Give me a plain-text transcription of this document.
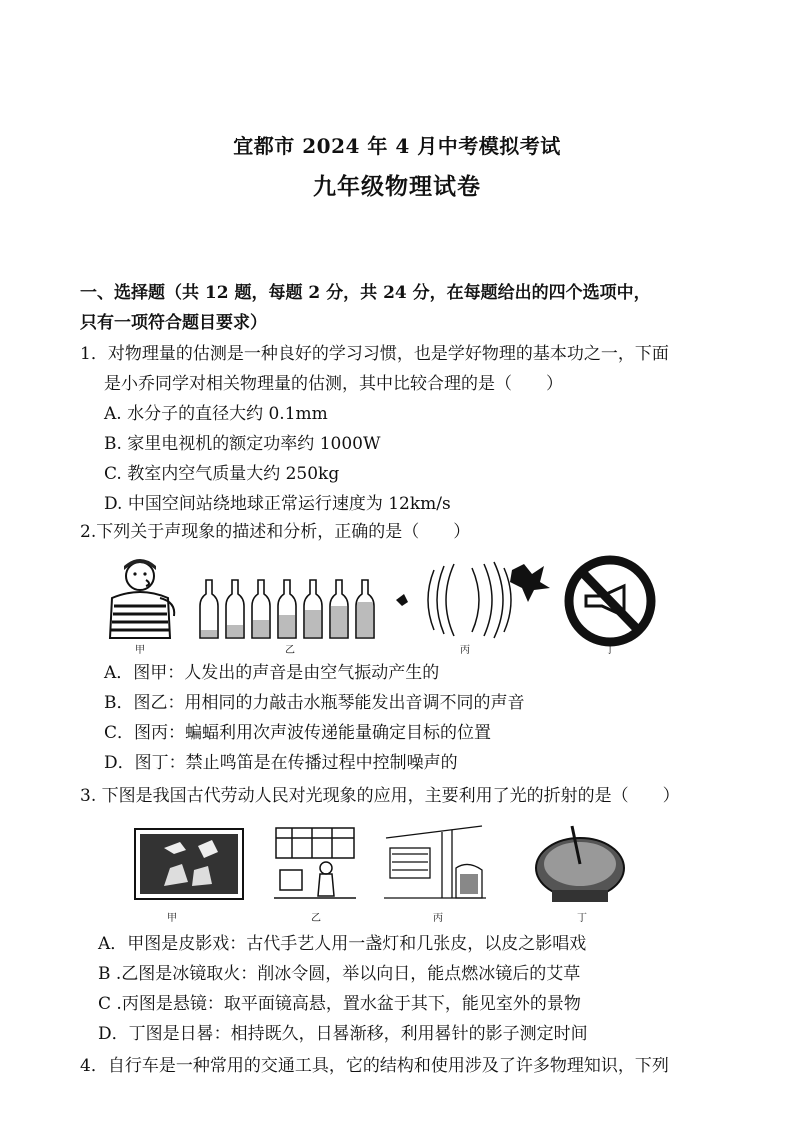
宜都市 2024 年 4 月中考模拟考试
九年级物理试卷
一、选择题（共 12 题，每题 2 分，共 24 分，在每题给出的四个选项中，
只有一项符合题目要求）
1．对物理量的估测是一种良好的学习习惯，也是学好物理的基本功之一，下面
是小乔同学对相关物理量的估测，其中比较合理的是（　　）
A. 水分子的直径大约 0.1mm
B. 家里电视机的额定功率约 1000W
C. 教室内空气质量大约 250kg
D. 中国空间站绕地球正常运行速度为 12km/s
2.下列关于声现象的描述和分析，正确的是（　　）
甲	乙	丙	丁
A．图甲：人发出的声音是由空气振动产生的
B．图乙：用相同的力敲击水瓶琴能发出音调不同的声音
C．图丙：蝙蝠利用次声波传递能量确定目标的位置
D．图丁：禁止鸣笛是在传播过程中控制噪声的
3. 下图是我国古代劳动人民对光现象的应用，主要利用了光的折射的是（　　）
甲	乙	丙	丁
A．甲图是皮影戏：古代手艺人用一盏灯和几张皮，以皮之影唱戏
B .乙图是冰镜取火：削冰令圆，举以向日，能点燃冰镜后的艾草
C .丙图是悬镜：取平面镜高悬，置水盆于其下，能见室外的景物
D．丁图是日晷：相持既久，日晷渐移，利用晷针的影子测定时间
4．自行车是一种常用的交通工具，它的结构和使用涉及了许多物理知识，下列
